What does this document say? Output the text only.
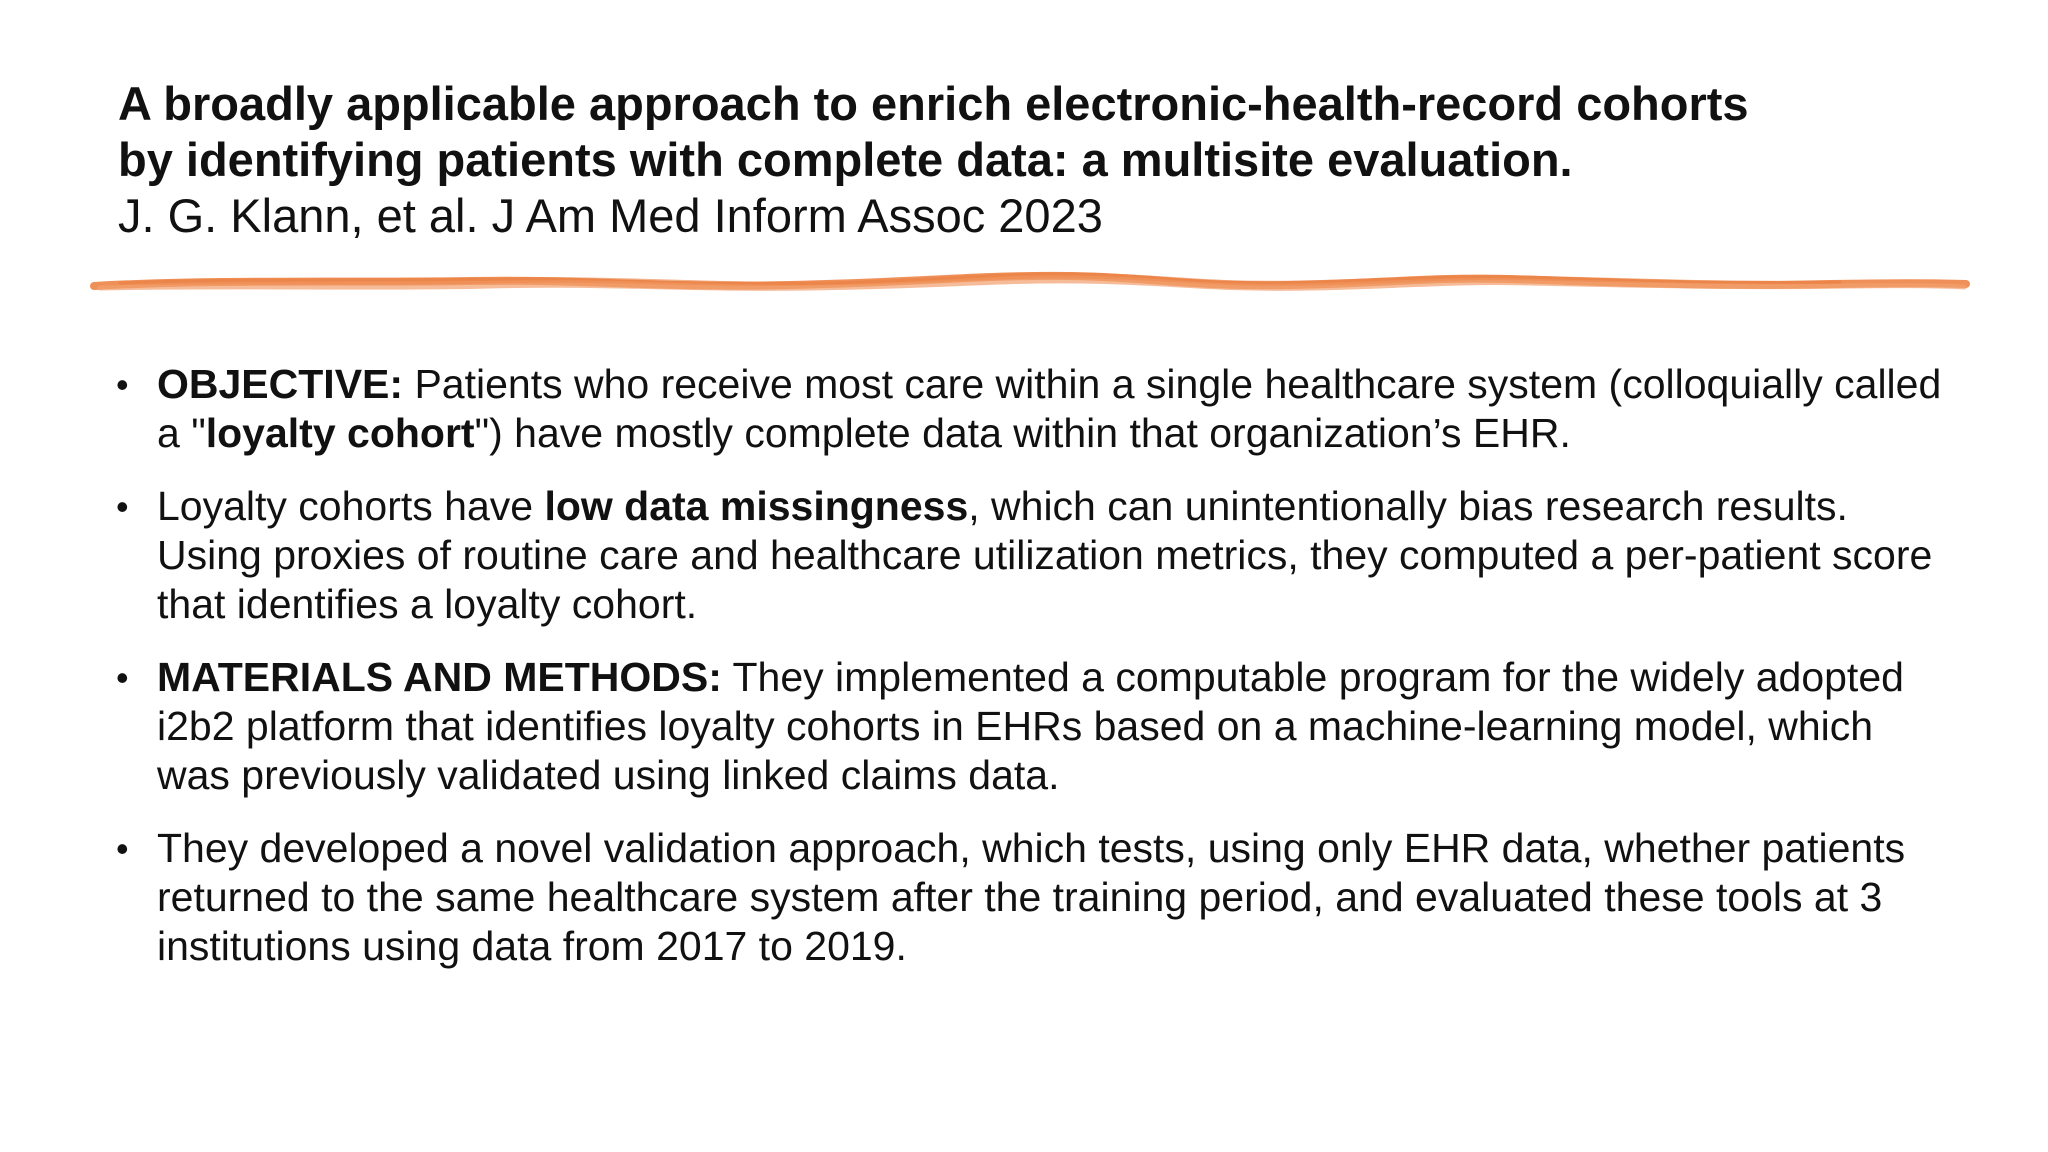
A broadly applicable approach to enrich electronic-health-record cohorts
by identifying patients with complete data: a multisite evaluation.
J. G. Klann, et al. J Am Med Inform Assoc 2023
• OBJECTIVE: Patients who receive most care within a single healthcare system (colloquially called a "loyalty cohort") have mostly complete data within that organization’s EHR.
• Loyalty cohorts have low data missingness, which can unintentionally bias research results. Using proxies of routine care and healthcare utilization metrics, they computed a per-patient score that identifies a loyalty cohort.
• MATERIALS AND METHODS: They implemented a computable program for the widely adopted i2b2 platform that identifies loyalty cohorts in EHRs based on a machine-learning model, which was previously validated using linked claims data.
• They developed a novel validation approach, which tests, using only EHR data, whether patients returned to the same healthcare system after the training period, and evaluated these tools at 3 institutions using data from 2017 to 2019.
